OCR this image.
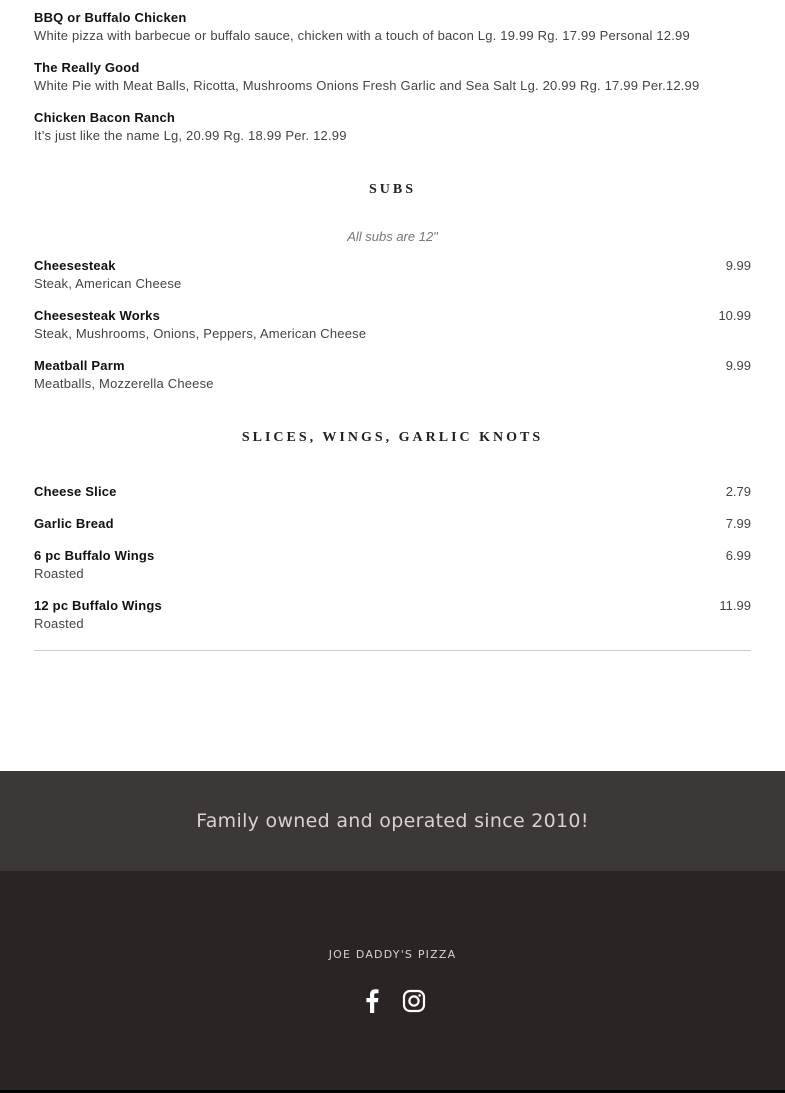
BBQ or Buffalo Chicken
White pizza with barbecue or buffalo sauce, chicken with a touch of bacon Lg. 19.99 Rg. 17.99 Personal 12.99
The Really Good
White Pie with Meat Balls, Ricotta, Mushrooms Onions Fresh Garlic and Sea Salt Lg. 20.99 Rg. 17.99 Per.12.99
Chicken Bacon Ranch
It’s just like the name Lg, 20.99 Rg. 18.99 Per. 12.99
SUBS
All subs are 12"
Cheesesteak
Steak, American Cheese
9.99
Cheesesteak Works
Steak, Mushrooms, Onions, Peppers, American Cheese
10.99
Meatball Parm
Meatballs, Mozzerella Cheese
9.99
SLICES, WINGS, GARLIC KNOTS
Cheese Slice	2.79
Garlic Bread	7.99
6 pc Buffalo Wings
Roasted
6.99
12 pc Buffalo Wings
Roasted
11.99
Family owned and operated since 2010!
JOE DADDY'S PIZZA
